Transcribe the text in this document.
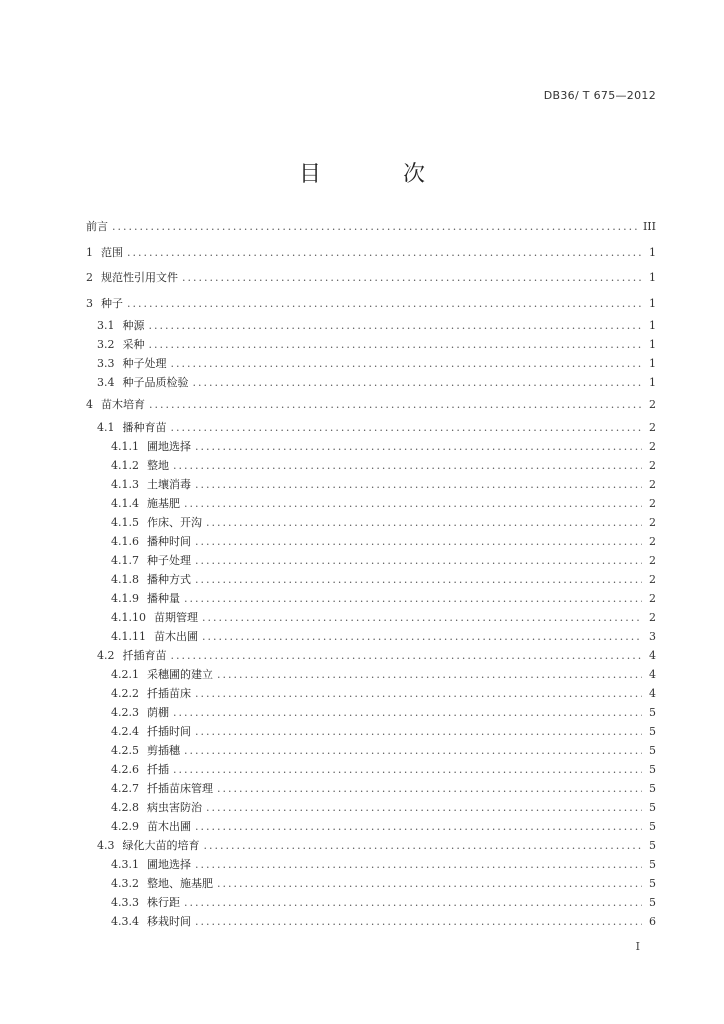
DB36/ T 675—2012
目　次
前言 .....	III
1 范围 .....	1
2 规范性引用文件 .....	1
3 种子 .....	1
3.1 种源 .....	1
3.2 采种 .....	1
3.3 种子处理 .....	1
3.4 种子品质检验 .....	1
4 苗木培育 .....	2
4.1 播种育苗 .....	2
4.1.1 圃地选择 .....	2
4.1.2 整地 .....	2
4.1.3 土壤消毒 .....	2
4.1.4 施基肥 .....	2
4.1.5 作床、开沟 .....	2
4.1.6 播种时间 .....	2
4.1.7 种子处理 .....	2
4.1.8 播种方式 .....	2
4.1.9 播种量 .....	2
4.1.10 苗期管理 .....	2
4.1.11 苗木出圃 .....	3
4.2 扦插育苗 .....	4
4.2.1 采穗圃的建立 .....	4
4.2.2 扦插苗床 .....	4
4.2.3 荫棚 .....	5
4.2.4 扦插时间 .....	5
4.2.5 剪插穗 .....	5
4.2.6 扦插 .....	5
4.2.7 扦插苗床管理 .....	5
4.2.8 病虫害防治 .....	5
4.2.9 苗木出圃 .....	5
4.3 绿化大苗的培育 .....	5
4.3.1 圃地选择 .....	5
4.3.2 整地、施基肥 .....	5
4.3.3 株行距 .....	5
4.3.4 移栽时间 .....	6
I
